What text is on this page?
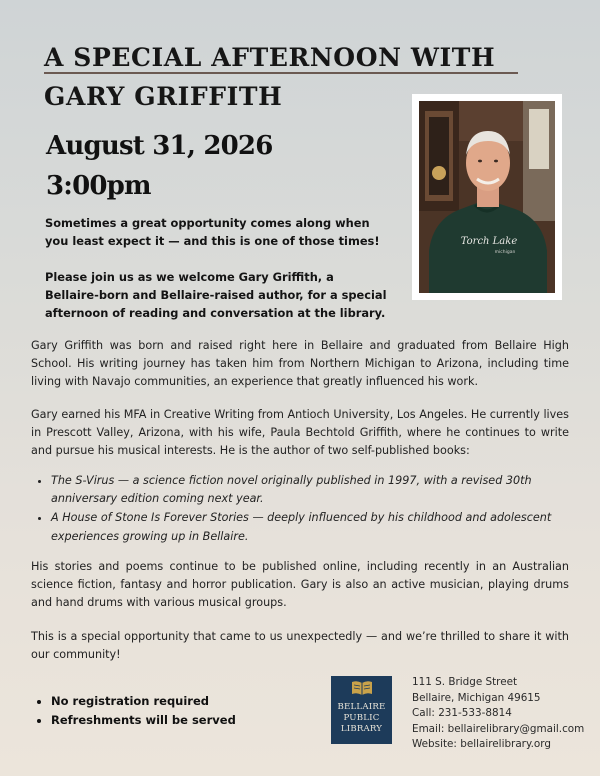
A SPECIAL AFTERNOON WITH
GARY GRIFFITH
August 31, 2026
3:00pm

Sometimes a great opportunity comes along when you least expect it — and this is one of those times!

Please join us as we welcome Gary Griffith, a Bellaire-born and Bellaire-raised author, for a special afternoon of reading and conversation at the library.

Torch Lake
michigan
Gary Griffith was born and raised right here in Bellaire and graduated from Bellaire High School. His writing journey has taken him from Northern Michigan to Arizona, including time living with Navajo communities, an experience that greatly influenced his work.
Gary earned his MFA in Creative Writing from Antioch University, Los Angeles. He currently lives in Prescott Valley, Arizona, with his wife, Paula Bechtold Griffith, where he continues to write and pursue his musical interests. He is the author of two self-published books:
• The S-Virus — a science fiction novel originally published in 1997, with a revised 30th anniversary edition coming next year.
• A House of Stone Is Forever Stories — deeply influenced by his childhood and adolescent experiences growing up in Bellaire.
His stories and poems continue to be published online, including recently in an Australian science fiction, fantasy and horror publication. Gary is also an active musician, playing drums and hand drums with various musical groups.
This is a special opportunity that came to us unexpectedly — and we’re thrilled to share it with our community!
• No registration required
• Refreshments will be served
BELLAIRE
PUBLIC
LIBRARY
111 S. Bridge Street
Bellaire, Michigan 49615
Call: 231-533-8814
Email: bellairelibrary@gmail.com
Website: bellairelibrary.org
